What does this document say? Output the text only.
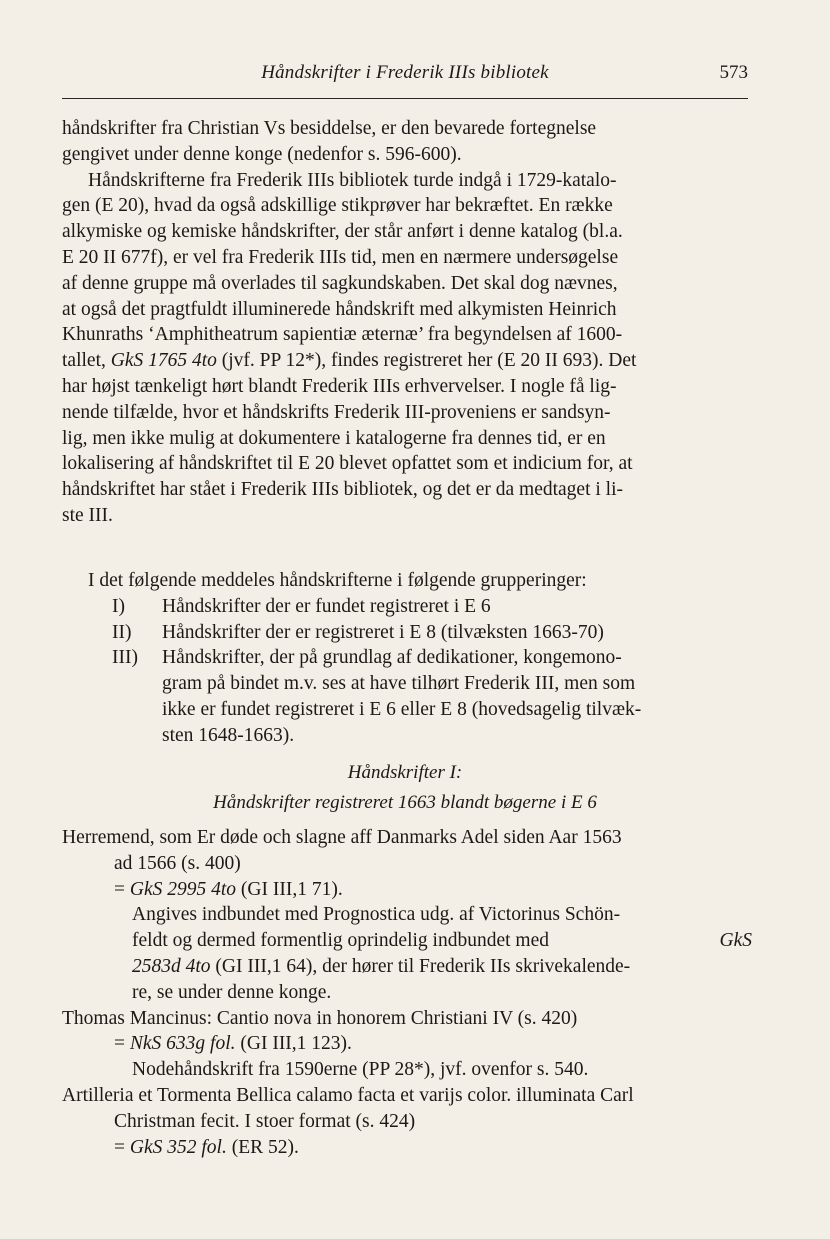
Håndskrifter i Frederik IIIs bibliotek	573
håndskrifter fra Christian Vs besiddelse, er den bevarede fortegnelse
gengivet under denne konge (nedenfor s. 596-600).
Håndskrifterne fra Frederik IIIs bibliotek turde indgå i 1729-katalo-
gen (E 20), hvad da også adskillige stikprøver har bekræftet. En række
alkymiske og kemiske håndskrifter, der står anført i denne katalog (bl.a.
E 20 II 677f), er vel fra Frederik IIIs tid, men en nærmere undersøgelse
af denne gruppe må overlades til sagkundskaben. Det skal dog nævnes,
at også det pragtfuldt illuminerede håndskrift med alkymisten Heinrich
Khunraths ‘Amphitheatrum sapientiæ æternæ’ fra begyndelsen af 1600-
tallet, GkS 1765 4to (jvf. PP 12*), findes registreret her (E 20 II 693). Det
har højst tænkeligt hørt blandt Frederik IIIs erhvervelser. I nogle få lig-
nende tilfælde, hvor et håndskrifts Frederik III-proveniens er sandsyn-
lig, men ikke mulig at dokumentere i katalogerne fra dennes tid, er en
lokalisering af håndskriftet til E 20 blevet opfattet som et indicium for, at
håndskriftet har stået i Frederik IIIs bibliotek, og det er da medtaget i li-
ste III.
I det følgende meddeles håndskrifterne i følgende grupperinger:
I) Håndskrifter der er fundet registreret i E 6
II) Håndskrifter der er registreret i E 8 (tilvæksten 1663-70)
III) Håndskrifter, der på grundlag af dedikationer, kongemono-
gram på bindet m.v. ses at have tilhørt Frederik III, men som
ikke er fundet registreret i E 6 eller E 8 (hovedsagelig tilvæk-
sten 1648-1663).
Håndskrifter I:
Håndskrifter registreret 1663 blandt bøgerne i E 6
Herremend, som Er døde och slagne aff Danmarks Adel siden Aar 1563
ad 1566 (s. 400)
= GkS 2995 4to (GI III,1 71).
Angives indbundet med Prognostica udg. af Victorinus Schön-
feldt og dermed formentlig oprindelig indbundet med	GkS
2583d 4to (GI III,1 64), der hører til Frederik IIs skrivekalende-
re, se under denne konge.
Thomas Mancinus: Cantio nova in honorem Christiani IV (s. 420)
= NkS 633g fol. (GI III,1 123).
Nodehåndskrift fra 1590erne (PP 28*), jvf. ovenfor s. 540.
Artilleria et Tormenta Bellica calamo facta et varijs color. illuminata Carl
Christman fecit. I stoer format (s. 424)
= GkS 352 fol. (ER 52).
